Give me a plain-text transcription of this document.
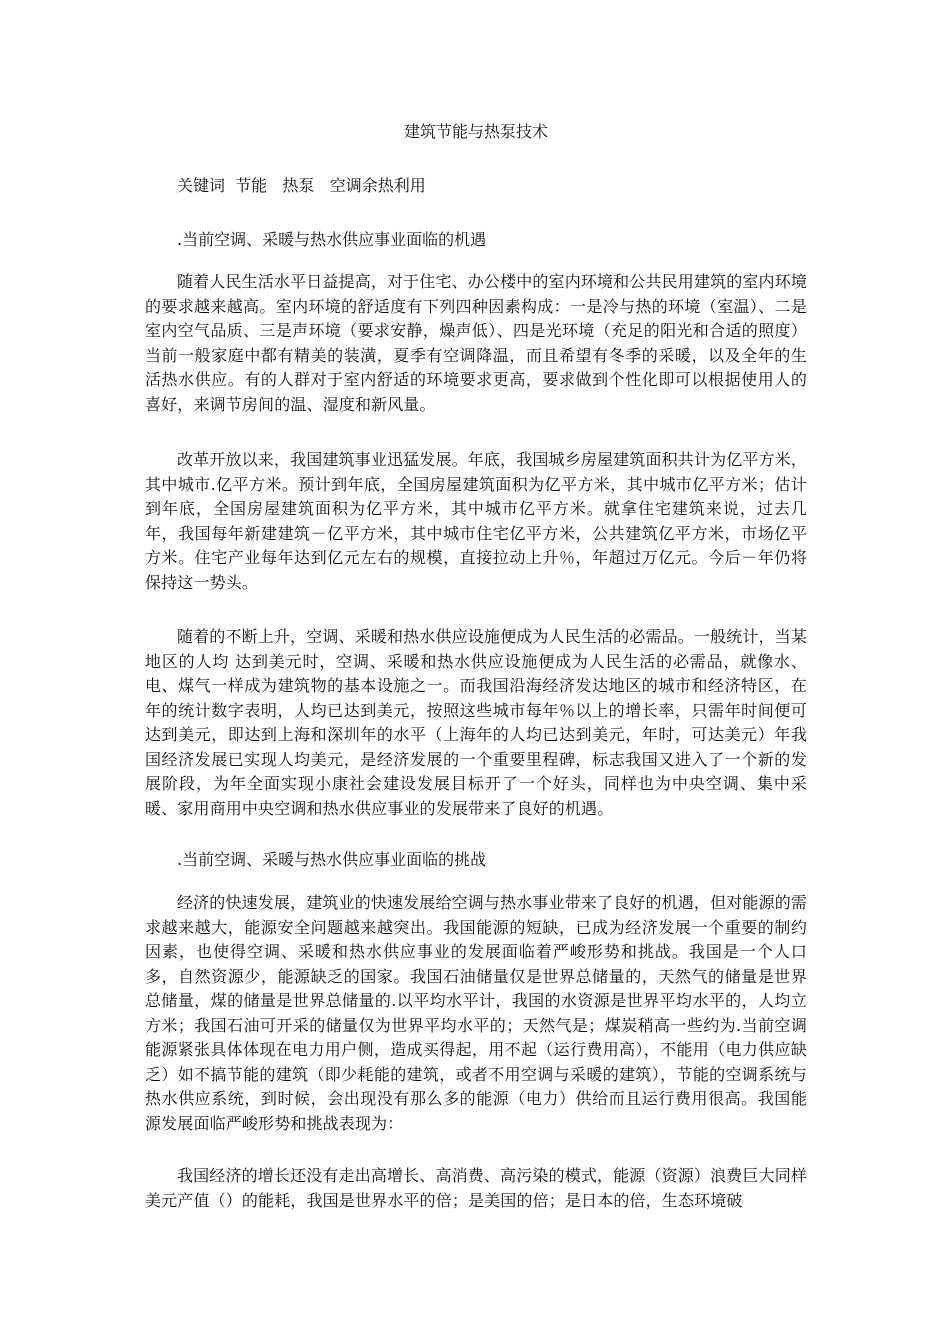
建筑节能与热泵技术
关键词  节能   热泵   空调余热利用
.当前空调、采暖与热水供应事业面临的机遇

随着人民生活水平日益提高，对于住宅、办公楼中的室内环境和公共民用建筑的室内环境的要求越来越高。室内环境的舒适度有下列四种因素构成：一是冷与热的环境（室温）、二是室内空气品质、三是声环境（要求安静，燥声低）、四是光环境（充足的阳光和合适的照度）当前一般家庭中都有精美的装潢，夏季有空调降温，而且希望有冬季的采暖，以及全年的生活热水供应。有的人群对于室内舒适的环境要求更高，要求做到个性化即可以根据使用人的喜好，来调节房间的温、湿度和新风量。

改革开放以来，我国建筑事业迅猛发展。年底，我国城乡房屋建筑面积共计为亿平方米，其中城市.亿平方米。预计到年底，全国房屋建筑面积为亿平方米，其中城市亿平方米；估计到年底，全国房屋建筑面积为亿平方米，其中城市亿平方米。就拿住宅建筑来说，过去几年，我国每年新建建筑－亿平方米，其中城市住宅亿平方米，公共建筑亿平方米，市场亿平方米。住宅产业每年达到亿元左右的规模，直接拉动上升％，年超过万亿元。今后－年仍将保持这一势头。

随着的不断上升，空调、采暖和热水供应设施便成为人民生活的必需品。一般统计，当某地区的人均 达到美元时，空调、采暖和热水供应设施便成为人民生活的必需品，就像水、电、煤气一样成为建筑物的基本设施之一。而我国沿海经济发达地区的城市和经济特区，在年的统计数字表明，人均已达到美元，按照这些城市每年％以上的增长率，只需年时间便可达到美元，即达到上海和深圳年的水平（上海年的人均已达到美元，年时，可达美元）年我国经济发展已实现人均美元，是经济发展的一个重要里程碑，标志我国又进入了一个新的发展阶段，为年全面实现小康社会建设发展目标开了一个好头，同样也为中央空调、集中采暖、家用商用中央空调和热水供应事业的发展带来了良好的机遇。

.当前空调、采暖与热水供应事业面临的挑战

经济的快速发展，建筑业的快速发展给空调与热水事业带来了良好的机遇，但对能源的需求越来越大，能源安全问题越来越突出。我国能源的短缺，已成为经济发展一个重要的制约因素，也使得空调、采暖和热水供应事业的发展面临着严峻形势和挑战。我国是一个人口多，自然资源少，能源缺乏的国家。我国石油储量仅是世界总储量的，天然气的储量是世界总储量，煤的储量是世界总储量的.以平均水平计，我国的水资源是世界平均水平的，人均立方米；我国石油可开采的储量仅为世界平均水平的；天然气是；煤炭稍高一些约为.当前空调能源紧张具体体现在电力用户侧，造成买得起，用不起（运行费用高），不能用（电力供应缺乏）如不搞节能的建筑（即少耗能的建筑，或者不用空调与采暖的建筑），节能的空调系统与热水供应系统，到时候，会出现没有那么多的能源（电力）供给而且运行费用很高。我国能源发展面临严峻形势和挑战表现为：

我国经济的增长还没有走出高增长、高消费、高污染的模式，能源（资源）浪费巨大同样美元产值（）的能耗，我国是世界水平的倍；是美国的倍；是日本的倍，生态环境破
